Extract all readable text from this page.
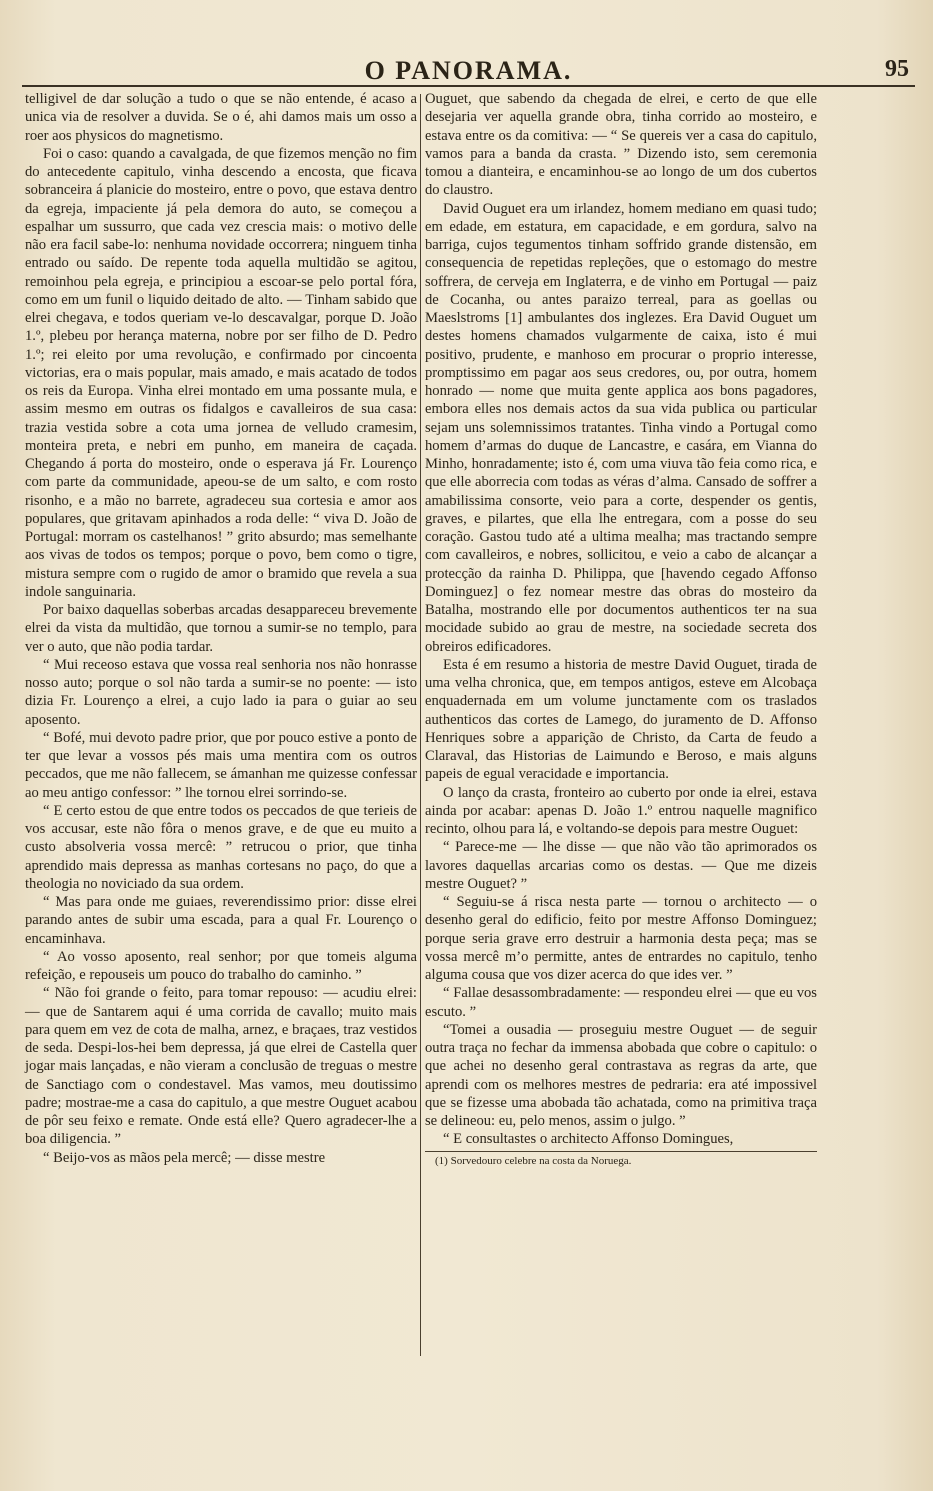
O PANORAMA.	95

telligivel de dar solução a tudo o que se não entende, é acaso a unica via de resolver a duvida. Se o é, ahi damos mais um osso a roer aos physicos do magnetismo.

Foi o caso: quando a cavalgada, de que fizemos menção no fim do antecedente capitulo, vinha descendo a encosta, que ficava sobranceira á planicie do mosteiro, entre o povo, que estava dentro da egreja, impaciente já pela demora do auto, se começou a espalhar um sussurro, que cada vez crescia mais: o motivo delle não era facil sabe-lo: nenhuma novidade occorrera; ninguem tinha entrado ou saído. De repente toda aquella multidão se agitou, remoinhou pela egreja, e principiou a escoar-se pelo portal fóra, como em um funil o liquido deitado de alto. — Tinham sabido que elrei chegava, e todos queriam ve-lo descavalgar, porque D. João 1.º, plebeu por herança materna, nobre por ser filho de D. Pedro 1.º; rei eleito por uma revolução, e confirmado por cincoenta victorias, era o mais popular, mais amado, e mais acatado de todos os reis da Europa. Vinha elrei montado em uma possante mula, e assim mesmo em outras os fidalgos e cavalleiros de sua casa: trazia vestida sobre a cota uma jornea de velludo cramesim, monteira preta, e nebri em punho, em maneira de caçada. Chegando á porta do mosteiro, onde o esperava já Fr. Lourenço com parte da communidade, apeou-se de um salto, e com rosto risonho, e a mão no barrete, agradeceu sua cortesia e amor aos populares, que gritavam apinhados a roda delle: “ viva D. João de Portugal: morram os castelhanos! ” grito absurdo; mas semelhante aos vivas de todos os tempos; porque o povo, bem como o tigre, mistura sempre com o rugido de amor o bramido que revela a sua indole sanguinaria.

Por baixo daquellas soberbas arcadas desappareceu brevemente elrei da vista da multidão, que tornou a sumir-se no templo, para ver o auto, que não podia tardar.

“ Mui receoso estava que vossa real senhoria nos não honrasse nosso auto; porque o sol não tarda a sumir-se no poente: — isto dizia Fr. Lourenço a elrei, a cujo lado ia para o guiar ao seu aposento.

“ Bofé, mui devoto padre prior, que por pouco estive a ponto de ter que levar a vossos pés mais uma mentira com os outros peccados, que me não fallecem, se ámanhan me quizesse confessar ao meu antigo confessor: ” lhe tornou elrei sorrindo-se.

“ E certo estou de que entre todos os peccados de que terieis de vos accusar, este não fôra o menos grave, e de que eu muito a custo absolveria vossa mercê: ” retrucou o prior, que tinha aprendido mais depressa as manhas cortesans no paço, do que a theologia no noviciado da sua ordem.

“ Mas para onde me guiaes, reverendissimo prior: disse elrei parando antes de subir uma escada, para a qual Fr. Lourenço o encaminhava.

“ Ao vosso aposento, real senhor; por que tomeis alguma refeição, e repouseis um pouco do trabalho do caminho. ”

“ Não foi grande o feito, para tomar repouso: — acudiu elrei: — que de Santarem aqui é uma corrida de cavallo; muito mais para quem em vez de cota de malha, arnez, e braçaes, traz vestidos de seda. Despi-los-hei bem depressa, já que elrei de Castella quer jogar mais lançadas, e não vieram a conclusão de treguas o mestre de Sanctiago com o condestavel. Mas vamos, meu doutissimo padre; mostrae-me a casa do capitulo, a que mestre Ouguet acabou de pôr seu feixo e remate. Onde está elle? Quero agradecer-lhe a boa diligencia. ”

“ Beijo-vos as mãos pela mercê; — disse mestre

Ouguet, que sabendo da chegada de elrei, e certo de que elle desejaria ver aquella grande obra, tinha corrido ao mosteiro, e estava entre os da comitiva: — “ Se quereis ver a casa do capitulo, vamos para a banda da crasta. ” Dizendo isto, sem ceremonia tomou a dianteira, e encaminhou-se ao longo de um dos cubertos do claustro.

David Ouguet era um irlandez, homem mediano em quasi tudo; em edade, em estatura, em capacidade, e em gordura, salvo na barriga, cujos tegumentos tinham soffrido grande distensão, em consequencia de repetidas repleções, que o estomago do mestre soffrera, de cerveja em Inglaterra, e de vinho em Portugal — paiz de Cocanha, ou antes paraizo terreal, para as goellas ou Maeslstroms [1] ambulantes dos inglezes. Era David Ouguet um destes homens chamados vulgarmente de caixa, isto é mui positivo, prudente, e manhoso em procurar o proprio interesse, promptissimo em pagar aos seus credores, ou, por outra, homem honrado — nome que muita gente applica aos bons pagadores, embora elles nos demais actos da sua vida publica ou particular sejam uns solemnissimos tratantes. Tinha vindo a Portugal como homem d’armas do duque de Lancastre, e casára, em Vianna do Minho, honradamente; isto é, com uma viuva tão feia como rica, e que elle aborrecia com todas as véras d’alma. Cansado de soffrer a amabilissima consorte, veio para a corte, despender os gentis, graves, e pilartes, que ella lhe entregara, com a posse do seu coração. Gastou tudo até a ultima mealha; mas tractando sempre com cavalleiros, e nobres, sollicitou, e veio a cabo de alcançar a protecção da rainha D. Philippa, que [havendo cegado Affonso Dominguez] o fez nomear mestre das obras do mosteiro da Batalha, mostrando elle por documentos authenticos ter na sua mocidade subido ao grau de mestre, na sociedade secreta dos obreiros edificadores.

Esta é em resumo a historia de mestre David Ouguet, tirada de uma velha chronica, que, em tempos antigos, esteve em Alcobaça enquadernada em um volume junctamente com os traslados authenticos das cortes de Lamego, do juramento de D. Affonso Henriques sobre a apparição de Christo, da Carta de feudo a Claraval, das Historias de Laimundo e Beroso, e mais alguns papeis de egual veracidade e importancia.

O lanço da crasta, fronteiro ao cuberto por onde ia elrei, estava ainda por acabar: apenas D. João 1.º entrou naquelle magnifico recinto, olhou para lá, e voltando-se depois para mestre Ouguet:

“ Parece-me — lhe disse — que não vão tão aprimorados os lavores daquellas arcarias como os destas. — Que me dizeis mestre Ouguet? ”

“ Seguiu-se á risca nesta parte — tornou o architecto — o desenho geral do edificio, feito por mestre Affonso Dominguez; porque seria grave erro destruir a harmonia desta peça; mas se vossa mercê m’o permitte, antes de entrardes no capitulo, tenho alguma cousa que vos dizer acerca do que ides ver. ”

“ Fallae desassombradamente: — respondeu elrei — que eu vos escuto. ”

“Tomei a ousadia — proseguiu mestre Ouguet — de seguir outra traça no fechar da immensa abobada que cobre o capitulo: o que achei no desenho geral contrastava as regras da arte, que aprendi com os melhores mestres de pedraria: era até impossivel que se fizesse uma abobada tão achatada, como na primitiva traça se delineou: eu, pelo menos, assim o julgo. ”

“ E consultastes o architecto Affonso Domingues,

(1) Sorvedouro celebre na costa da Noruega.
